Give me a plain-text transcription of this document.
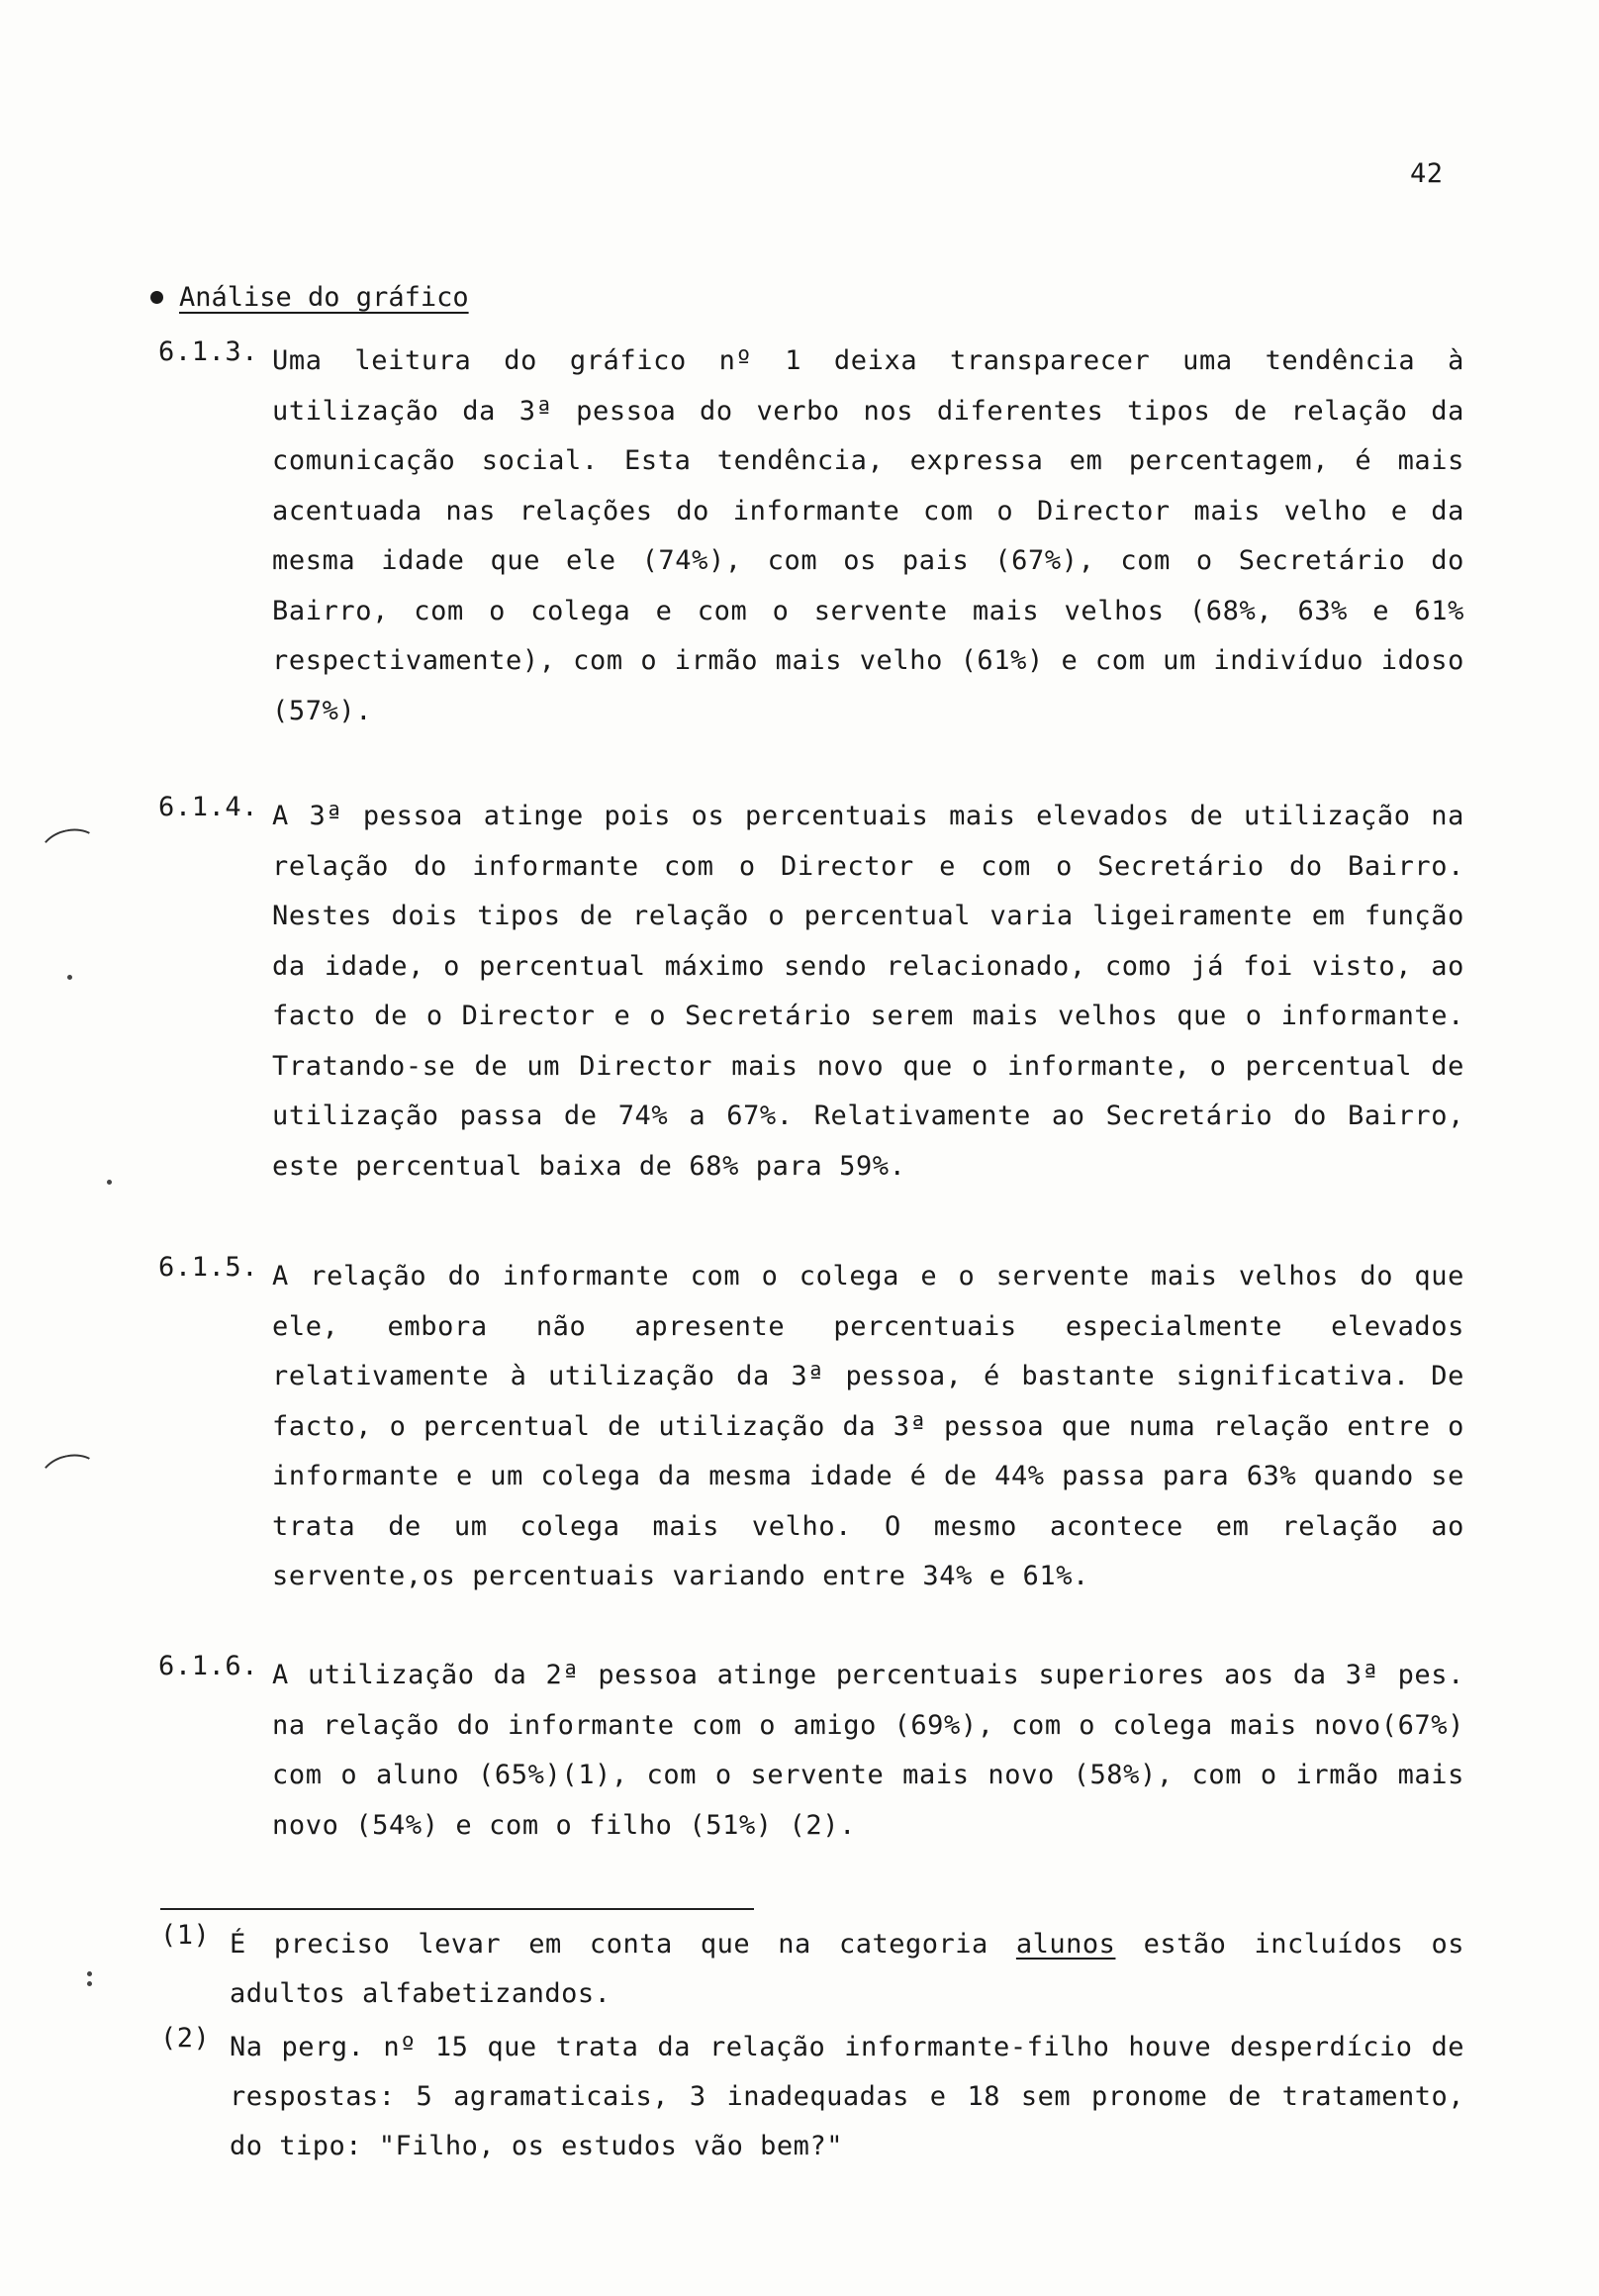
42
Análise do gráfico
6.1.3. Uma leitura do gráfico nº 1 deixa transparecer uma tendência à utilização da 3ª pessoa do verbo nos diferentes tipos de relação da comunicação social. Esta tendência, expressa em percentagem, é mais acentuada nas relações do informante com o Director mais velho e da mesma idade que ele (74%), com os pais (67%), com o Secretário do Bairro, com o colega e com o servente mais velhos (68%, 63% e 61% respectivamente), com o irmão mais velho (61%) e com um indivíduo idoso (57%).
6.1.4. A 3ª pessoa atinge pois os percentuais mais elevados de utilização na relação do informante com o Director e com o Secretário do Bairro. Nestes dois tipos de relação o percentual varia ligeiramente em função da idade, o percentual máximo sendo relacionado, como já foi visto, ao facto de o Director e o Secretário serem mais velhos que o informante. Tratando-se de um Director mais novo que o informante, o percentual de utilização passa de 74% a 67%. Relativamente ao Secretário do Bairro, este percentual baixa de 68% para 59%.
6.1.5. A relação do informante com o colega e o servente mais velhos do que ele, embora não apresente percentuais especialmente elevados relativamente à utilização da 3ª pessoa, é bastante significativa. De facto, o percentual de utilização da 3ª pessoa que numa relação entre o informante e um colega da mesma idade é de 44% passa para 63% quando se trata de um colega mais velho. O mesmo acontece em relação ao servente,os percentuais variando entre 34% e 61%.
6.1.6. A utilização da 2ª pessoa atinge percentuais superiores aos da 3ª pes. na relação do informante com o amigo (69%), com o colega mais novo(67%) com o aluno (65%)(1), com o servente mais novo (58%), com o irmão mais novo (54%) e com o filho (51%) (2).
(1) É preciso levar em conta que na categoria alunos estão incluídos os adultos alfabetizandos.
(2) Na perg. nº 15 que trata da relação informante-filho houve desperdício de respostas: 5 agramaticais, 3 inadequadas e 18 sem pronome de tratamento, do tipo: "Filho, os estudos vão bem?"
